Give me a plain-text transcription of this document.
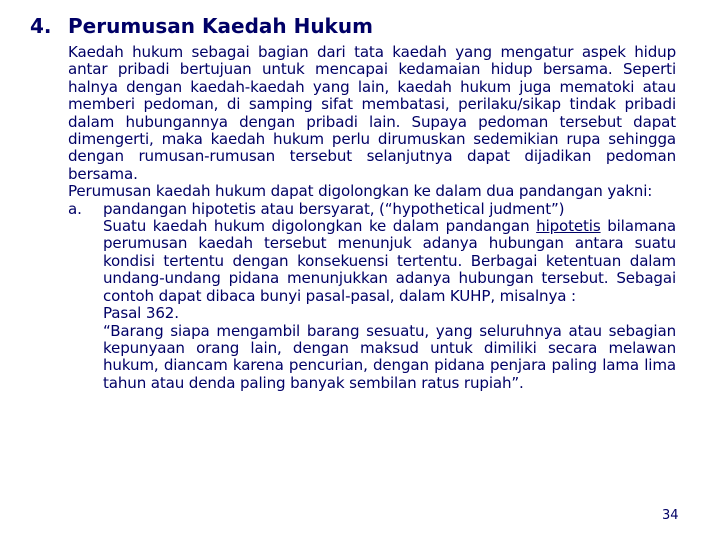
4. Perumusan Kaedah Hukum

Kaedah hukum sebagai bagian dari tata kaedah yang mengatur aspek hidup antar pribadi bertujuan untuk mencapai kedamaian hidup bersama. Seperti halnya dengan kaedah-kaedah yang lain, kaedah hukum juga mematoki atau memberi pedoman, di samping sifat membatasi, perilaku/sikap tindak pribadi dalam hubungannya dengan pribadi lain. Supaya pedoman tersebut dapat dimengerti, maka kaedah hukum perlu dirumuskan sedemikian rupa sehingga dengan rumusan-rumusan tersebut selanjutnya dapat dijadikan pedoman bersama.

Perumusan kaedah hukum dapat digolongkan ke dalam dua pandangan yakni:

a. pandangan hipotetis atau bersyarat, (“hypothetical judment”)
Suatu kaedah hukum digolongkan ke dalam pandangan hipotetis bilamana perumusan kaedah tersebut menunjuk adanya hubungan antara suatu kondisi tertentu dengan konsekuensi tertentu. Berbagai ketentuan dalam undang-undang pidana menunjukkan adanya hubungan tersebut. Sebagai contoh dapat dibaca bunyi pasal-pasal, dalam KUHP, misalnya :
Pasal 362.
“Barang siapa mengambil barang sesuatu, yang seluruhnya atau sebagian kepunyaan orang lain, dengan maksud untuk dimiliki secara melawan hukum, diancam karena pencurian, dengan pidana penjara paling lama lima tahun atau denda paling banyak sembilan ratus rupiah”.
34
